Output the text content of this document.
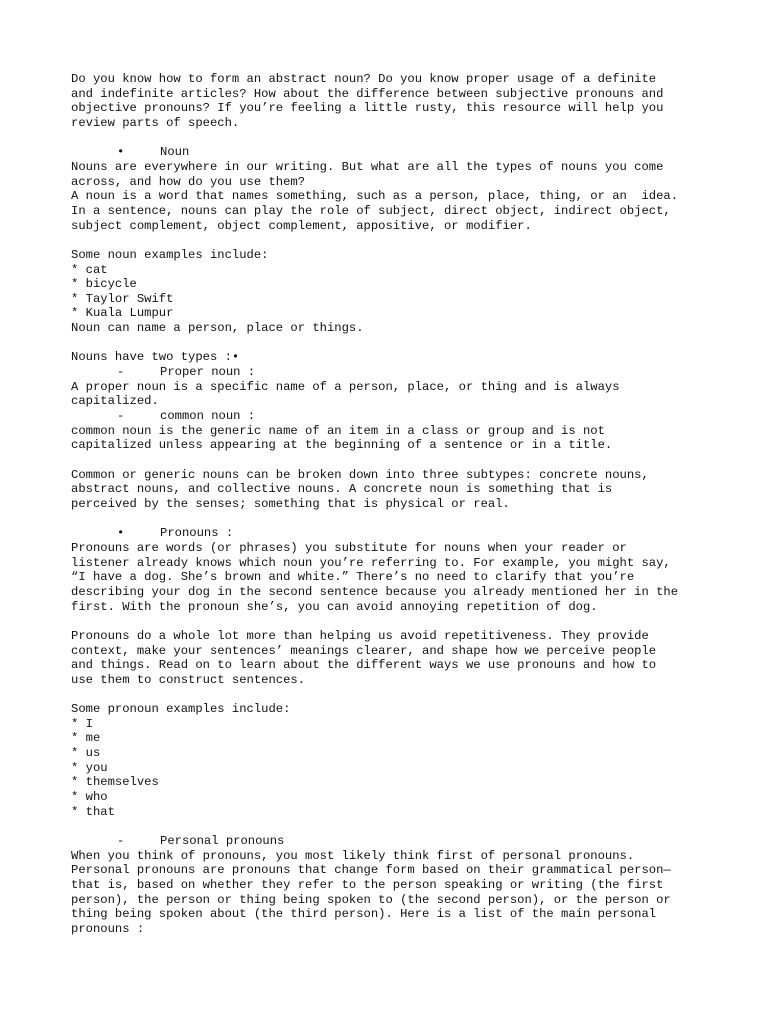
Do you know how to form an abstract noun? Do you know proper usage of a definite
and indefinite articles? How about the difference between subjective pronouns and
objective pronouns? If you’re feeling a little rusty, this resource will help you
review parts of speech.
•	Noun
Nouns are everywhere in our writing. But what are all the types of nouns you come
across, and how do you use them?
A noun is a word that names something, such as a person, place, thing, or an  idea.
In a sentence, nouns can play the role of subject, direct object, indirect object,
subject complement, object complement, appositive, or modifier.
Some noun examples include:
* cat
* bicycle
* Taylor Swift
* Kuala Lumpur
Noun can name a person, place or things.
Nouns have two types :•
-	Proper noun :
A proper noun is a specific name of a person, place, or thing and is always
capitalized.
-	common noun :
common noun is the generic name of an item in a class or group and is not
capitalized unless appearing at the beginning of a sentence or in a title.
Common or generic nouns can be broken down into three subtypes: concrete nouns,
abstract nouns, and collective nouns. A concrete noun is something that is
perceived by the senses; something that is physical or real.
•	Pronouns :
Pronouns are words (or phrases) you substitute for nouns when your reader or
listener already knows which noun you’re referring to. For example, you might say,
“I have a dog. She’s brown and white.” There’s no need to clarify that you’re
describing your dog in the second sentence because you already mentioned her in the
first. With the pronoun she’s, you can avoid annoying repetition of dog.
Pronouns do a whole lot more than helping us avoid repetitiveness. They provide
context, make your sentences’ meanings clearer, and shape how we perceive people
and things. Read on to learn about the different ways we use pronouns and how to
use them to construct sentences.
Some pronoun examples include:
* I
* me
* us
* you
* themselves
* who
* that
-	Personal pronouns
When you think of pronouns, you most likely think first of personal pronouns.
Personal pronouns are pronouns that change form based on their grammatical person—
that is, based on whether they refer to the person speaking or writing (the first
person), the person or thing being spoken to (the second person), or the person or
thing being spoken about (the third person). Here is a list of the main personal
pronouns :
